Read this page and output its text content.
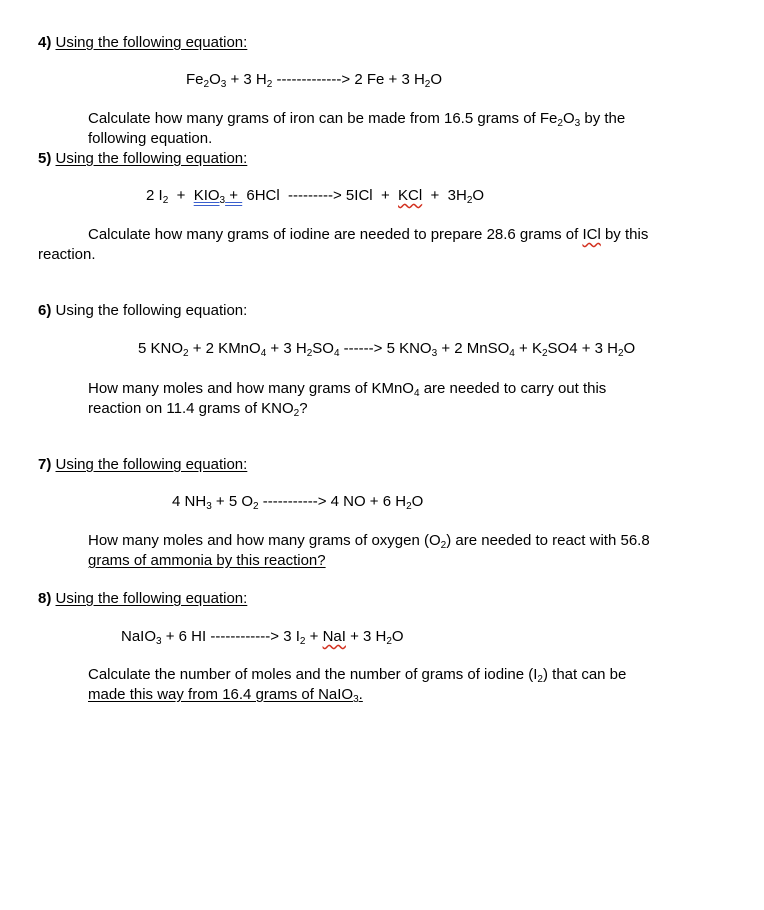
4) Using the following equation:
$Fe_2O_3 + 3$ $H_2$ -------------> 2 Fe + 3 $H_2O$
Calculate how many grams of iron can be made from 16.5 grams of $Fe_2O_3$ by the
following equation.
5) Using the following equation:
2 $I_2 + KIO_3 + 6HCl$  ---------> 5ICl  +  KCl  +  $3H_2O$
Calculate how many grams of iodine are needed to prepare 28.6 grams of ICl by this
reaction.
6) Using the following equation:
5 $KNO_2 + 2$ KMnO$_4$ + 3 $H_2SO_4$ ------> 5 $KNO_3 + 2$ MnSO$_4$ + $K_2SO4 + 3$ $H_2O$
How many moles and how many grams of KMnO$_4$ are needed to carry out this
reaction on 11.4 grams of $KNO_2$?
7) Using the following equation:
4 $NH_3 + 5$ $O_2$ -----------> 4 NO + 6 $H_2O$
How many moles and how many grams of oxygen $(O_2)$ are needed to react with 56.8
grams of ammonia by this reaction?
8) Using the following equation:
NaIO$_3$ + 6 HI ------------> 3 $I_2$ + NaI + 3 $H_2O$
Calculate the number of moles and the number of grams of iodine $(I_2)$ that can be
made this way from 16.4 grams of NaIO$_3$.
